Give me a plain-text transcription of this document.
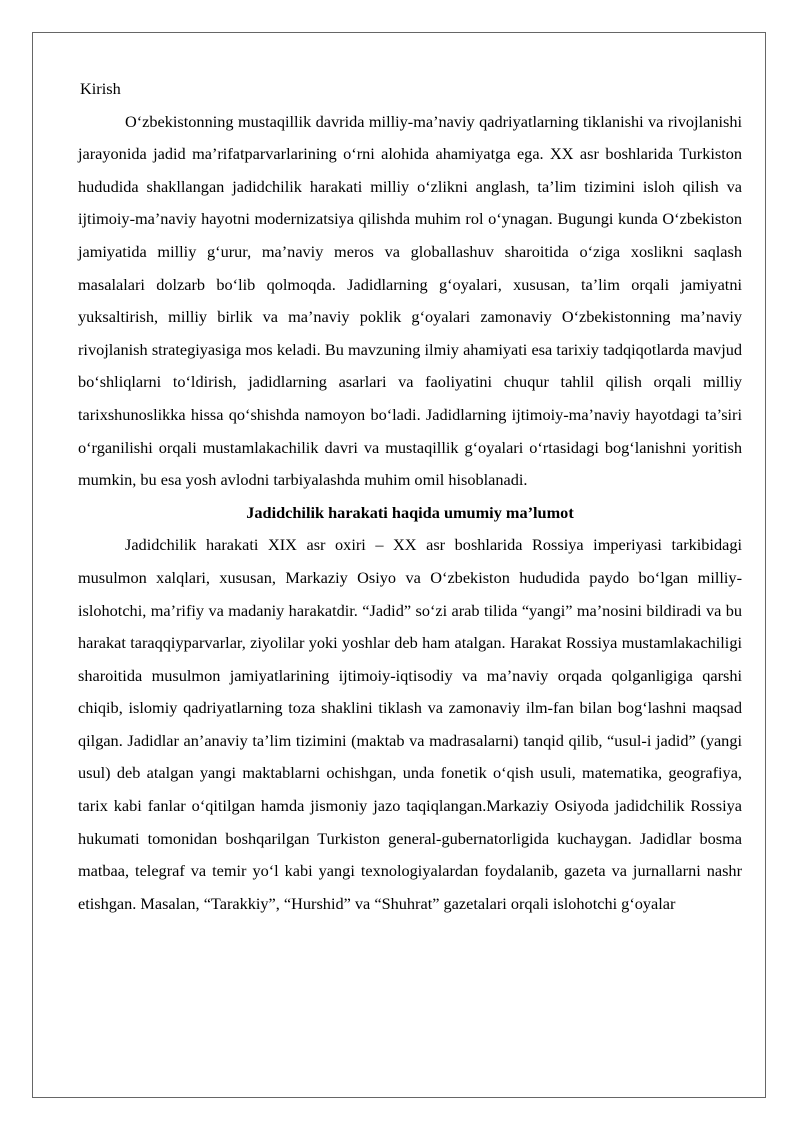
Kirish

O‘zbekistonning mustaqillik davrida milliy-ma’naviy qadriyatlarning tiklanishi va rivojlanishi jarayonida jadid ma’rifatparvarlarining o‘rni alohida ahamiyatga ega. XX asr boshlarida Turkiston hududida shakllangan jadidchilik harakati milliy o‘zlikni anglash, ta’lim tizimini isloh qilish va ijtimoiy-ma’naviy hayotni modernizatsiya qilishda muhim rol o‘ynagan. Bugungi kunda O‘zbekiston jamiyatida milliy g‘urur, ma’naviy meros va globallashuv sharoitida o‘ziga xoslikni saqlash masalalari dolzarb bo‘lib qolmoqda. Jadidlarning g‘oyalari, xususan, ta’lim orqali jamiyatni yuksaltirish, milliy birlik va ma’naviy poklik g‘oyalari zamonaviy O‘zbekistonning ma’naviy rivojlanish strategiyasiga mos keladi. Bu mavzuning ilmiy ahamiyati esa tarixiy tadqiqotlarda mavjud bo‘shliqlarni to‘ldirish, jadidlarning asarlari va faoliyatini chuqur tahlil qilish orqali milliy tarixshunoslikka hissa qo‘shishda namoyon bo‘ladi. Jadidlarning ijtimoiy-ma’naviy hayotdagi ta’siri o‘rganilishi orqali mustamlakachilik davri va mustaqillik g‘oyalari o‘rtasidagi bog‘lanishni yoritish mumkin, bu esa yosh avlodni tarbiyalashda muhim omil hisoblanadi.

Jadidchilik harakati haqida umumiy ma’lumot

Jadidchilik harakati XIX asr oxiri – XX asr boshlarida Rossiya imperiyasi tarkibidagi musulmon xalqlari, xususan, Markaziy Osiyo va O‘zbekiston hududida paydo bo‘lgan milliy-islohotchi, ma’rifiy va madaniy harakatdir. “Jadid” so‘zi arab tilida “yangi” ma’nosini bildiradi va bu harakat taraqqiyparvarlar, ziyolilar yoki yoshlar deb ham atalgan. Harakat Rossiya mustamlakachiligi sharoitida musulmon jamiyatlarining ijtimoiy-iqtisodiy va ma’naviy orqada qolganligiga qarshi chiqib, islomiy qadriyatlarning toza shaklini tiklash va zamonaviy ilm-fan bilan bog‘lashni maqsad qilgan. Jadidlar an’anaviy ta’lim tizimini (maktab va madrasalarni) tanqid qilib, “usul-i jadid” (yangi usul) deb atalgan yangi maktablarni ochishgan, unda fonetik o‘qish usuli, matematika, geografiya, tarix kabi fanlar o‘qitilgan hamda jismoniy jazo taqiqlangan.Markaziy Osiyoda jadidchilik Rossiya hukumati tomonidan boshqarilgan Turkiston general-gubernatorligida kuchaygan. Jadidlar bosma matbaa, telegraf va temir yo‘l kabi yangi texnologiyalardan foydalanib, gazeta va jurnallarni nashr etishgan. Masalan, “Tarakkiy”, “Hurshid” va “Shuhrat” gazetalari orqali islohotchi g‘oyalar
